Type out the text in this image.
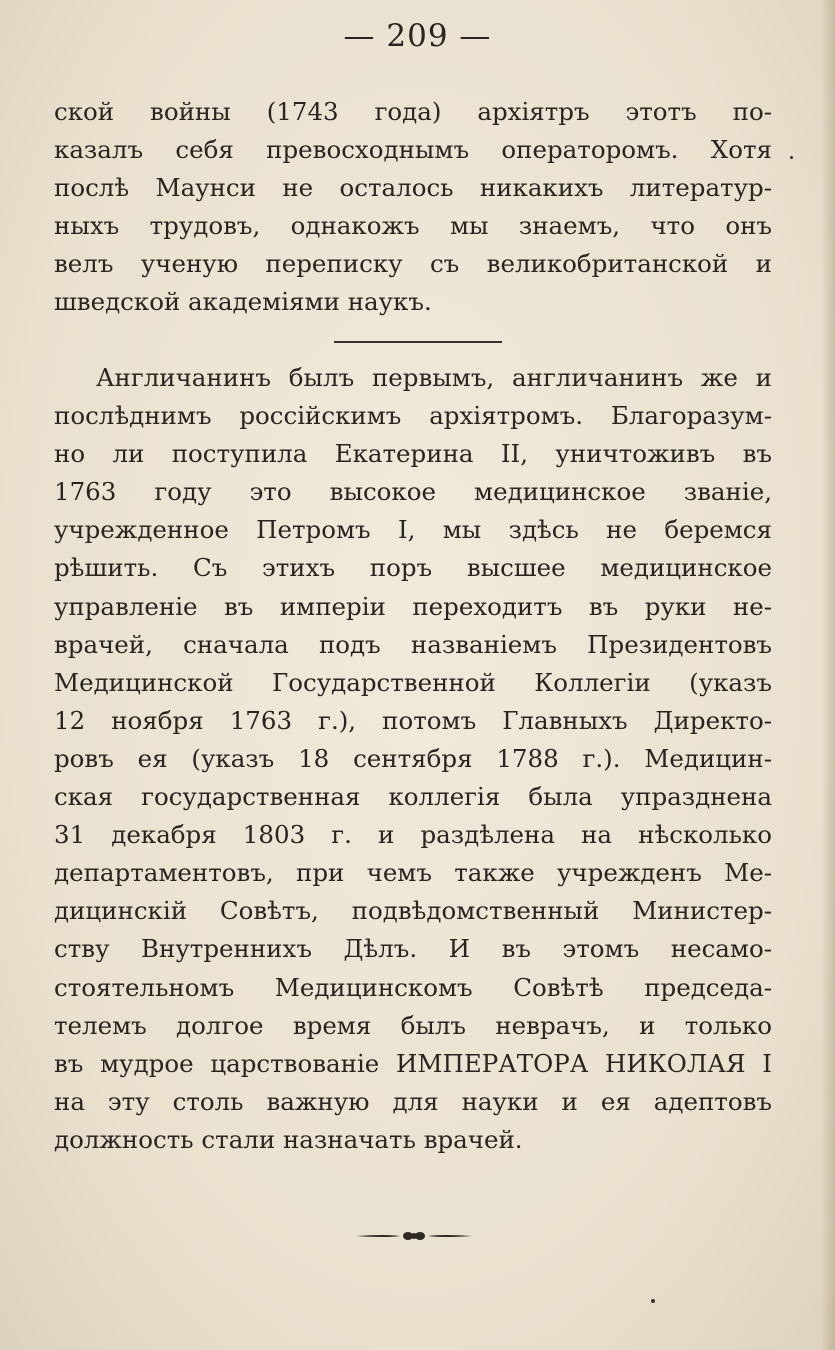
— 209 —
ской войны (1743 года) архіятръ этотъ по-
казалъ себя превосходнымъ операторомъ. Хотя
послѣ Маунси не осталось никакихъ литератур-
ныхъ трудовъ, однакожъ мы знаемъ, что онъ
велъ ученую переписку съ великобританской и
шведской академіями наукъ.
Англичанинъ былъ первымъ, англичанинъ же и
послѣднимъ россійскимъ архіятромъ. Благоразум-
но ли поступила Екатерина II, уничтоживъ въ
1763 году это высокое медицинское званіе,
учрежденное Петромъ I, мы здѣсь не беремся
рѣшить. Съ этихъ поръ высшее медицинское
управленіе въ имперіи переходитъ въ руки не-
врачей, сначала подъ названіемъ Президентовъ
Медицинской Государственной Коллегіи (указъ
12 ноября 1763 г.), потомъ Главныхъ Директо-
ровъ ея (указъ 18 сентября 1788 г.). Медицин-
ская государственная коллегія была упразднена
31 декабря 1803 г. и раздѣлена на нѣсколько
департаментовъ, при чемъ также учрежденъ Ме-
дицинскій Совѣтъ, подвѣдомственный Министер-
ству Внутреннихъ Дѣлъ. И въ этомъ несамо-
стоятельномъ Медицинскомъ Совѣтѣ председа-
телемъ долгое время былъ неврачъ, и только
въ мудрое царствованіе ИМПЕРАТОРА НИКОЛАЯ I
на эту столь важную для науки и ея адептовъ
должность стали назначать врачей.
